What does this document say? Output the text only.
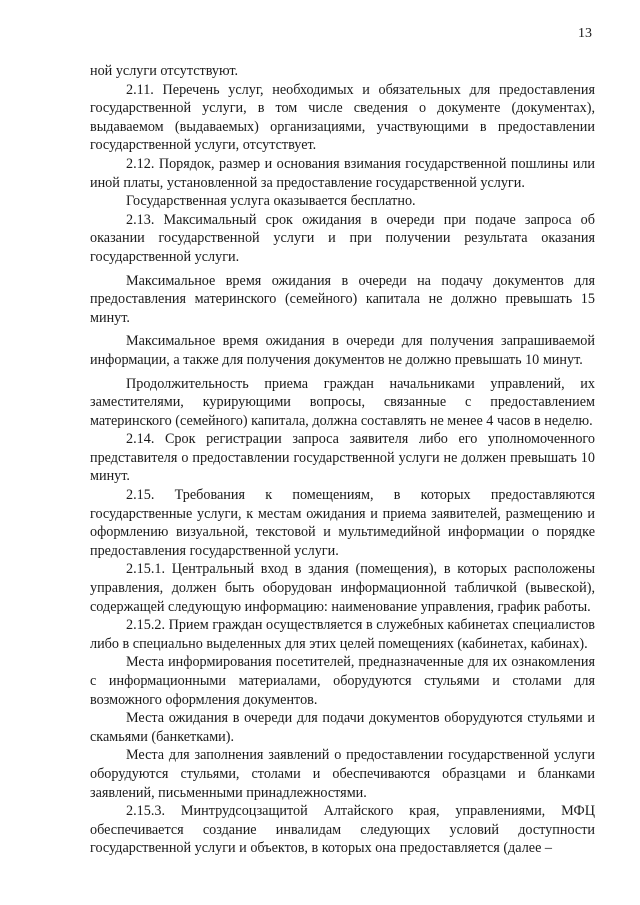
13

ной услуги отсутствуют.

2.11. Перечень услуг, необходимых и обязательных для предоставления государственной услуги, в том числе сведения о документе (документах), выдаваемом (выдаваемых) организациями, участвующими в предоставлении государственной услуги, отсутствует.

2.12. Порядок, размер и основания взимания государственной пошлины или иной платы, установленной за предоставление государственной услуги.

Государственная услуга оказывается бесплатно.

2.13. Максимальный срок ожидания в очереди при подаче запроса об оказании государственной услуги и при получении результата оказания государственной услуги.

Максимальное время ожидания в очереди на подачу документов для предоставления материнского (семейного) капитала не должно превышать 15 минут.

Максимальное время ожидания в очереди для получения запрашиваемой информации, а также для получения документов не должно превышать 10 минут.

Продолжительность приема граждан начальниками управлений, их заместителями, курирующими вопросы, связанные с предоставлением материнского (семейного) капитала, должна составлять не менее 4 часов в неделю.

2.14. Срок регистрации запроса заявителя либо его уполномоченного представителя о предоставлении государственной услуги не должен превышать 10 минут.

2.15. Требования к помещениям, в которых предоставляются государственные услуги, к местам ожидания и приема заявителей, размещению и оформлению визуальной, текстовой и мультимедийной информации о порядке предоставления государственной услуги.

2.15.1. Центральный вход в здания (помещения), в которых расположены управления, должен быть оборудован информационной табличкой (вывеской), содержащей следующую информацию: наименование управления, график работы.

2.15.2. Прием граждан осуществляется в служебных кабинетах специалистов либо в специально выделенных для этих целей помещениях (кабинетах, кабинах).

Места информирования посетителей, предназначенные для их ознакомления с информационными материалами, оборудуются стульями и столами для возможного оформления документов.

Места ожидания в очереди для подачи документов оборудуются стульями и скамьями (банкетками).

Места для заполнения заявлений о предоставлении государственной услуги оборудуются стульями, столами и обеспечиваются образцами и бланками заявлений, письменными принадлежностями.

2.15.3. Минтрудсоцзащитой Алтайского края, управлениями, МФЦ обеспечивается создание инвалидам следующих условий доступности государственной услуги и объектов, в которых она предоставляется (далее –
